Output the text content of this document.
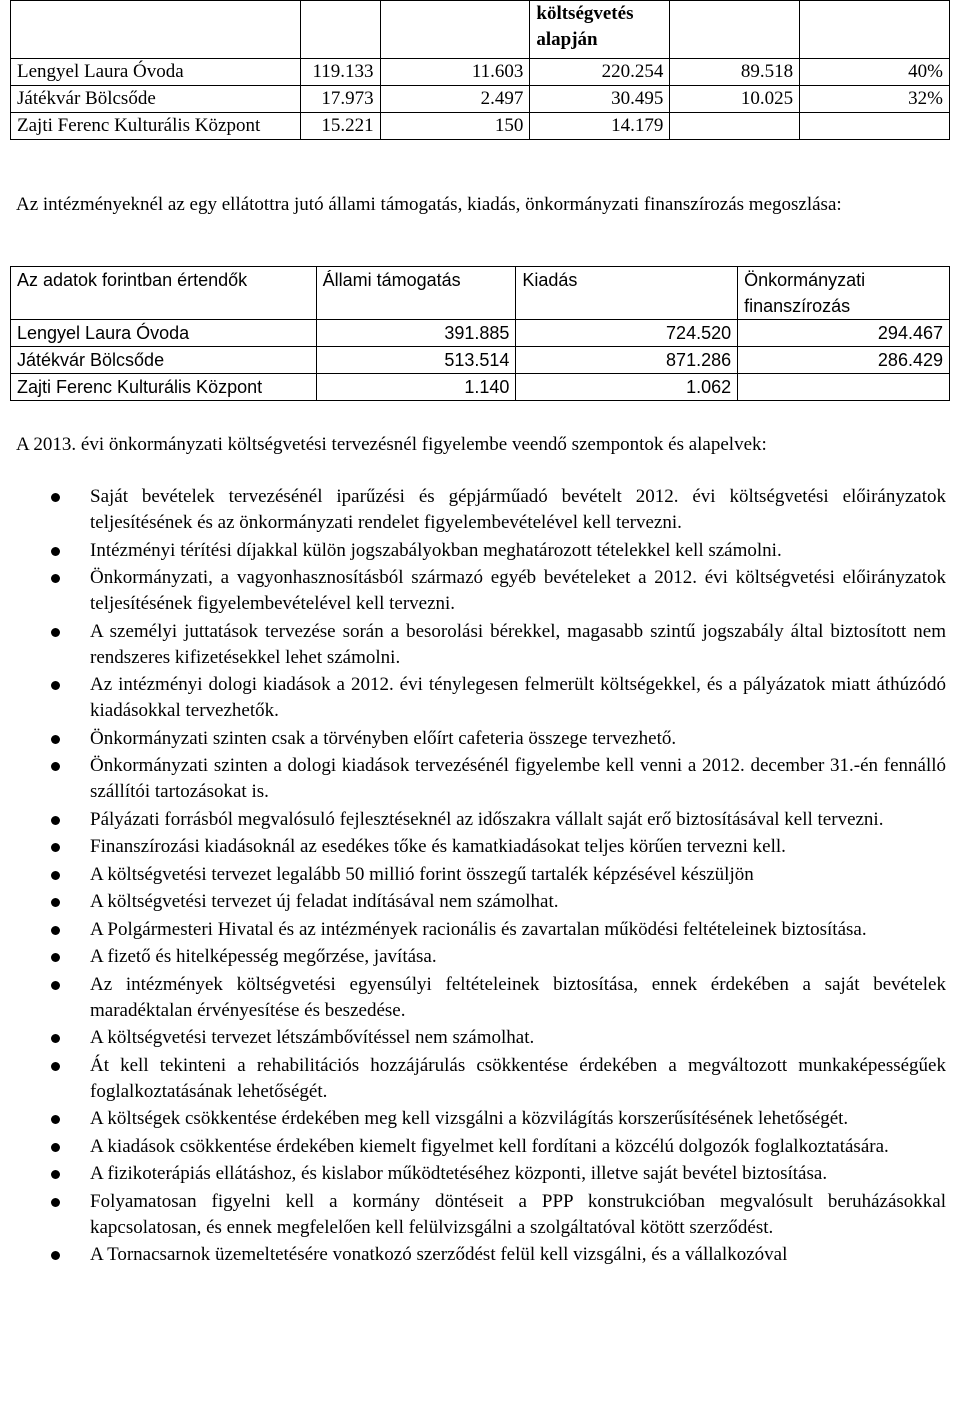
			költségvetés alapján		
Lengyel Laura Óvoda	119.133	11.603	220.254	89.518	40%
Játékvár Bölcsőde	17.973	2.497	30.495	10.025	32%
Zajti Ferenc Kulturális Központ	15.221	150	14.179		

Az intézményeknél az egy ellátottra jutó állami támogatás, kiadás, önkormányzati finanszírozás megoszlása:

Az adatok forintban értendők	Állami támogatás	Kiadás	Önkormányzati finanszírozás
Lengyel Laura Óvoda	391.885	724.520	294.467
Játékvár Bölcsőde	513.514	871.286	286.429
Zajti Ferenc Kulturális Központ	1.140	1.062	

A 2013. évi önkormányzati költségvetési tervezésnél figyelembe veendő szempontok és alapelvek:

Saját bevételek tervezésénél iparűzési és gépjárműadó bevételt 2012. évi költségvetési előirányzatok teljesítésének és az önkormányzati rendelet figyelembevételével kell tervezni.
Intézményi térítési díjakkal külön jogszabályokban meghatározott tételekkel kell számolni.
Önkormányzati, a vagyonhasznosításból származó egyéb bevételeket a 2012. évi költségvetési előirányzatok teljesítésének figyelembevételével kell tervezni.
A személyi juttatások tervezése során a besorolási bérekkel, magasabb szintű jogszabály által biztosított nem rendszeres kifizetésekkel lehet számolni.
Az intézményi dologi kiadások a 2012. évi ténylegesen felmerült költségekkel, és a pályázatok miatt áthúzódó kiadásokkal tervezhetők.
Önkormányzati szinten csak a törvényben előírt cafeteria összege tervezhető.
Önkormányzati szinten a dologi kiadások tervezésénél figyelembe kell venni a 2012. december 31.-én fennálló szállítói tartozásokat is.
Pályázati forrásból megvalósuló fejlesztéseknél az időszakra vállalt saját erő biztosításával kell tervezni.
Finanszírozási kiadásoknál az esedékes tőke és kamatkiadásokat teljes körűen tervezni kell.
A költségvetési tervezet legalább 50 millió forint összegű tartalék képzésével készüljön
A költségvetési tervezet új feladat indításával nem számolhat.
A Polgármesteri Hivatal és az intézmények racionális és zavartalan működési feltételeinek biztosítása.
A fizető és hitelképesség megőrzése, javítása.
Az intézmények költségvetési egyensúlyi feltételeinek biztosítása, ennek érdekében a saját bevételek maradéktalan érvényesítése és beszedése.
A költségvetési tervezet létszámbővítéssel nem számolhat.
Át kell tekinteni a rehabilitációs hozzájárulás csökkentése érdekében a megváltozott munkaképességűek foglalkoztatásának lehetőségét.
A költségek csökkentése érdekében meg kell vizsgálni a közvilágítás korszerűsítésének lehetőségét.
A kiadások csökkentése érdekében kiemelt figyelmet kell fordítani a közcélú dolgozók foglalkoztatására.
A fizikoterápiás ellátáshoz, és kislabor működtetéséhez központi, illetve saját bevétel biztosítása.
Folyamatosan figyelni kell a kormány döntéseit a PPP konstrukcióban megvalósult beruházásokkal kapcsolatosan, és ennek megfelelően kell felülvizsgálni a szolgáltatóval kötött szerződést.
A Tornacsarnok üzemeltetésére vonatkozó szerződést felül kell vizsgálni, és a vállalkozóval
